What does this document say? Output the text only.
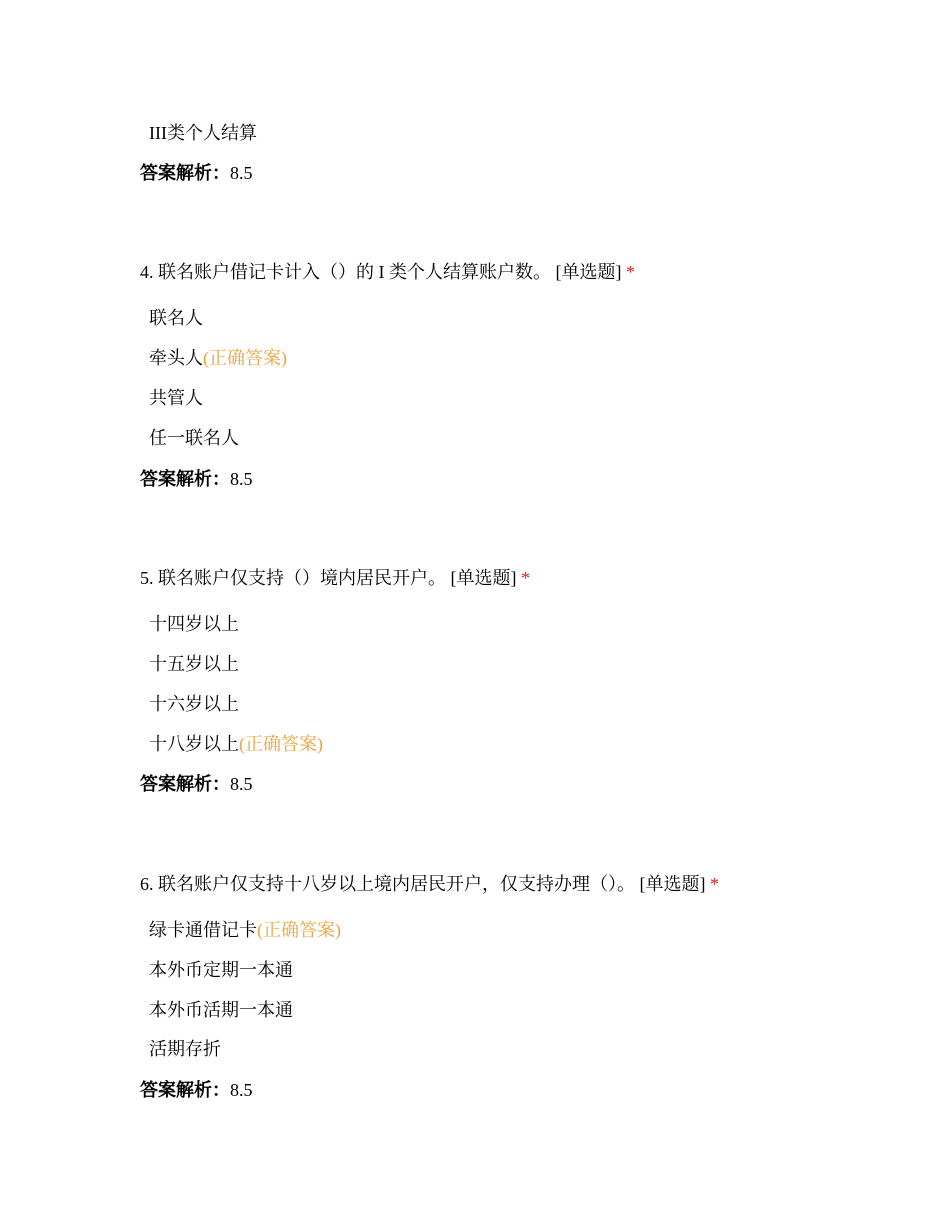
III类个人结算
答案解析：8.5
4. 联名账户借记卡计入（）的 I 类个人结算账户数。 [单选题] *
联名人
牵头人(正确答案)
共管人
任一联名人
答案解析：8.5
5. 联名账户仅支持（）境内居民开户。 [单选题] *
十四岁以上
十五岁以上
十六岁以上
十八岁以上(正确答案)
答案解析：8.5
6. 联名账户仅支持十八岁以上境内居民开户，仅支持办理（）。 [单选题] *
绿卡通借记卡(正确答案)
本外币定期一本通
本外币活期一本通
活期存折
答案解析：8.5
